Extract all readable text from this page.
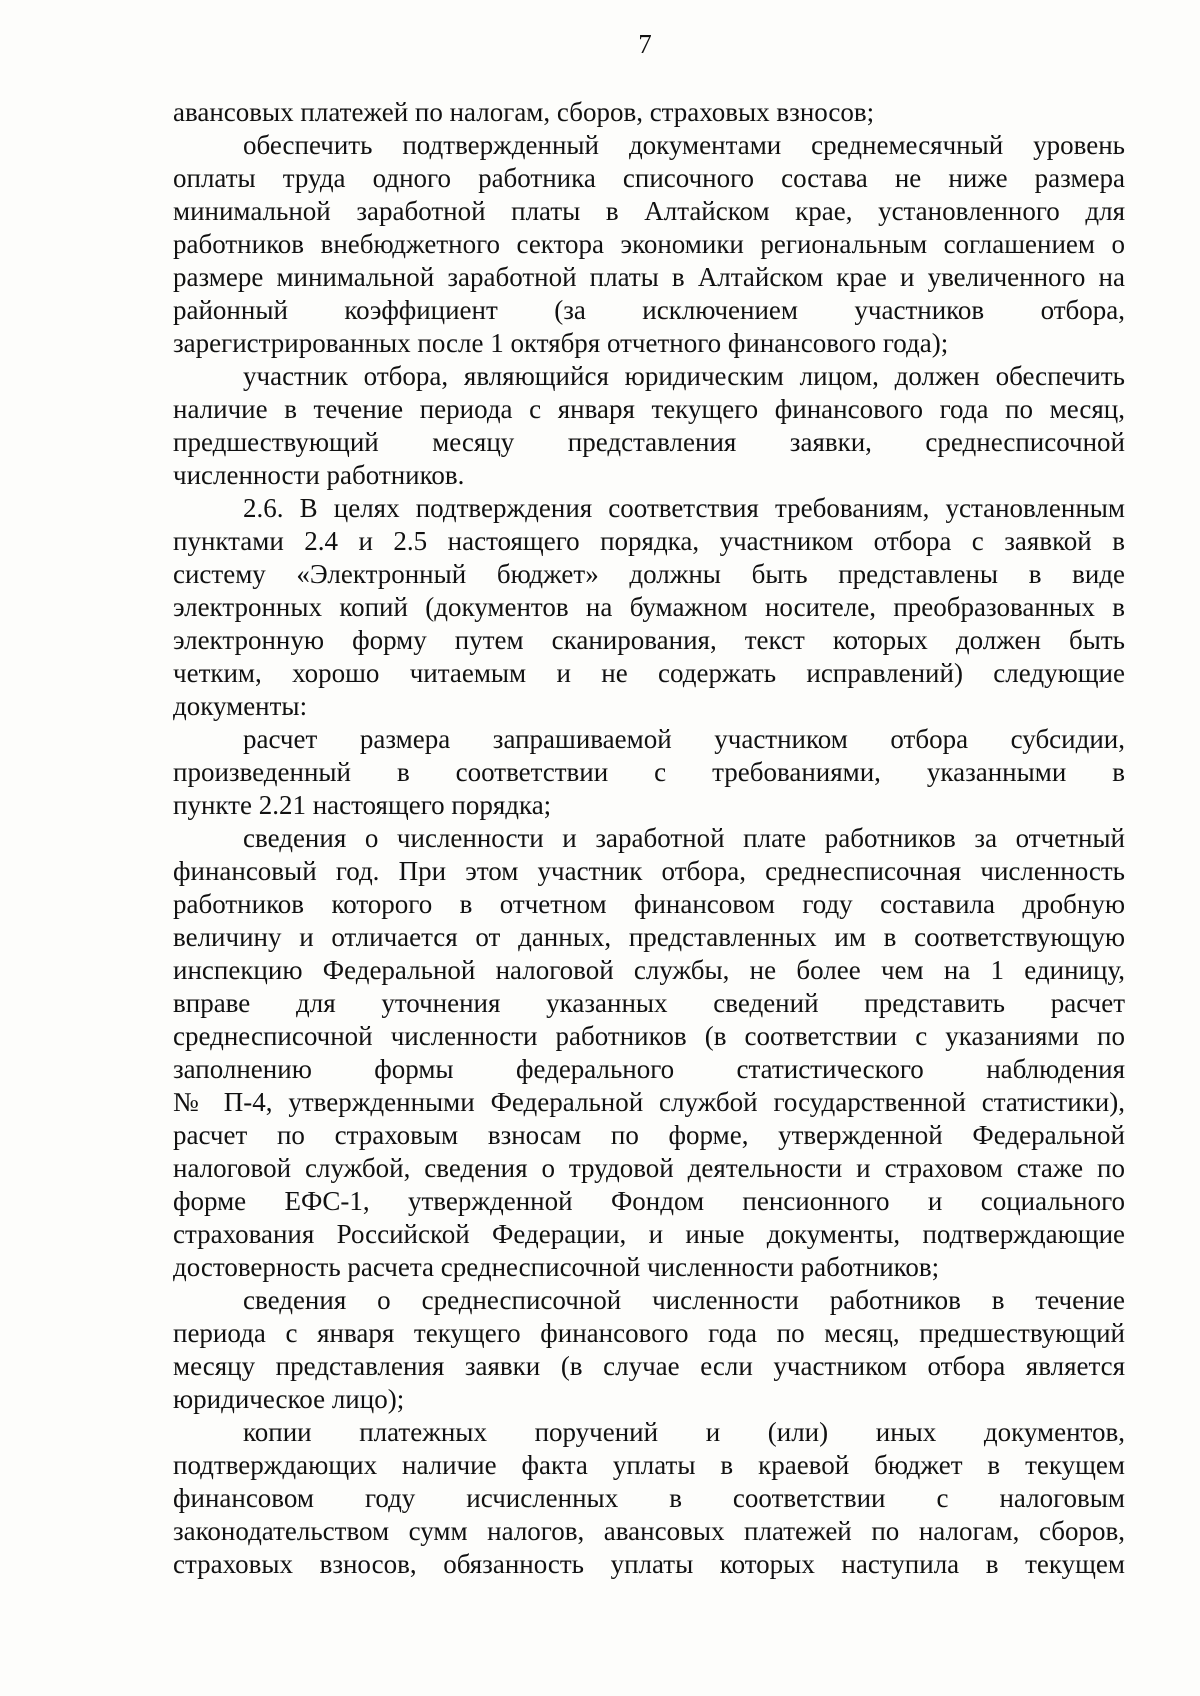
7
авансовых платежей по налогам, сборов, страховых взносов;
обеспечить подтвержденный документами среднемесячный уровень
оплаты труда одного работника списочного состава не ниже размера
минимальной заработной платы в Алтайском крае, установленного для
работников внебюджетного сектора экономики региональным соглашением о
размере минимальной заработной платы в Алтайском крае и увеличенного на
районный коэффициент (за исключением участников отбора,
зарегистрированных после 1 октября отчетного финансового года);
участник отбора, являющийся юридическим лицом, должен обеспечить
наличие в течение периода с января текущего финансового года по месяц,
предшествующий месяцу представления заявки, среднесписочной
численности работников.
2.6. В целях подтверждения соответствия требованиям, установленным
пунктами 2.4 и 2.5 настоящего порядка, участником отбора с заявкой в
систему «Электронный бюджет» должны быть представлены в виде
электронных копий (документов на бумажном носителе, преобразованных в
электронную форму путем сканирования, текст которых должен быть
четким, хорошо читаемым и не содержать исправлений) следующие
документы:
расчет размера запрашиваемой участником отбора субсидии,
произведенный в соответствии с требованиями, указанными в
пункте 2.21 настоящего порядка;
сведения о численности и заработной плате работников за отчетный
финансовый год. При этом участник отбора, среднесписочная численность
работников которого в отчетном финансовом году составила дробную
величину и отличается от данных, представленных им в соответствующую
инспекцию Федеральной налоговой службы, не более чем на 1 единицу,
вправе для уточнения указанных сведений представить расчет
среднесписочной численности работников (в соответствии с указаниями по
заполнению формы федерального статистического наблюдения
№ П-4, утвержденными Федеральной службой государственной статистики),
расчет по страховым взносам по форме, утвержденной Федеральной
налоговой службой, сведения о трудовой деятельности и страховом стаже по
форме ЕФС-1, утвержденной Фондом пенсионного и социального
страхования Российской Федерации, и иные документы, подтверждающие
достоверность расчета среднесписочной численности работников;
сведения о среднесписочной численности работников в течение
периода с января текущего финансового года по месяц, предшествующий
месяцу представления заявки (в случае если участником отбора является
юридическое лицо);
копии платежных поручений и (или) иных документов,
подтверждающих наличие факта уплаты в краевой бюджет в текущем
финансовом году исчисленных в соответствии с налоговым
законодательством сумм налогов, авансовых платежей по налогам, сборов,
страховых взносов, обязанность уплаты которых наступила в текущем
